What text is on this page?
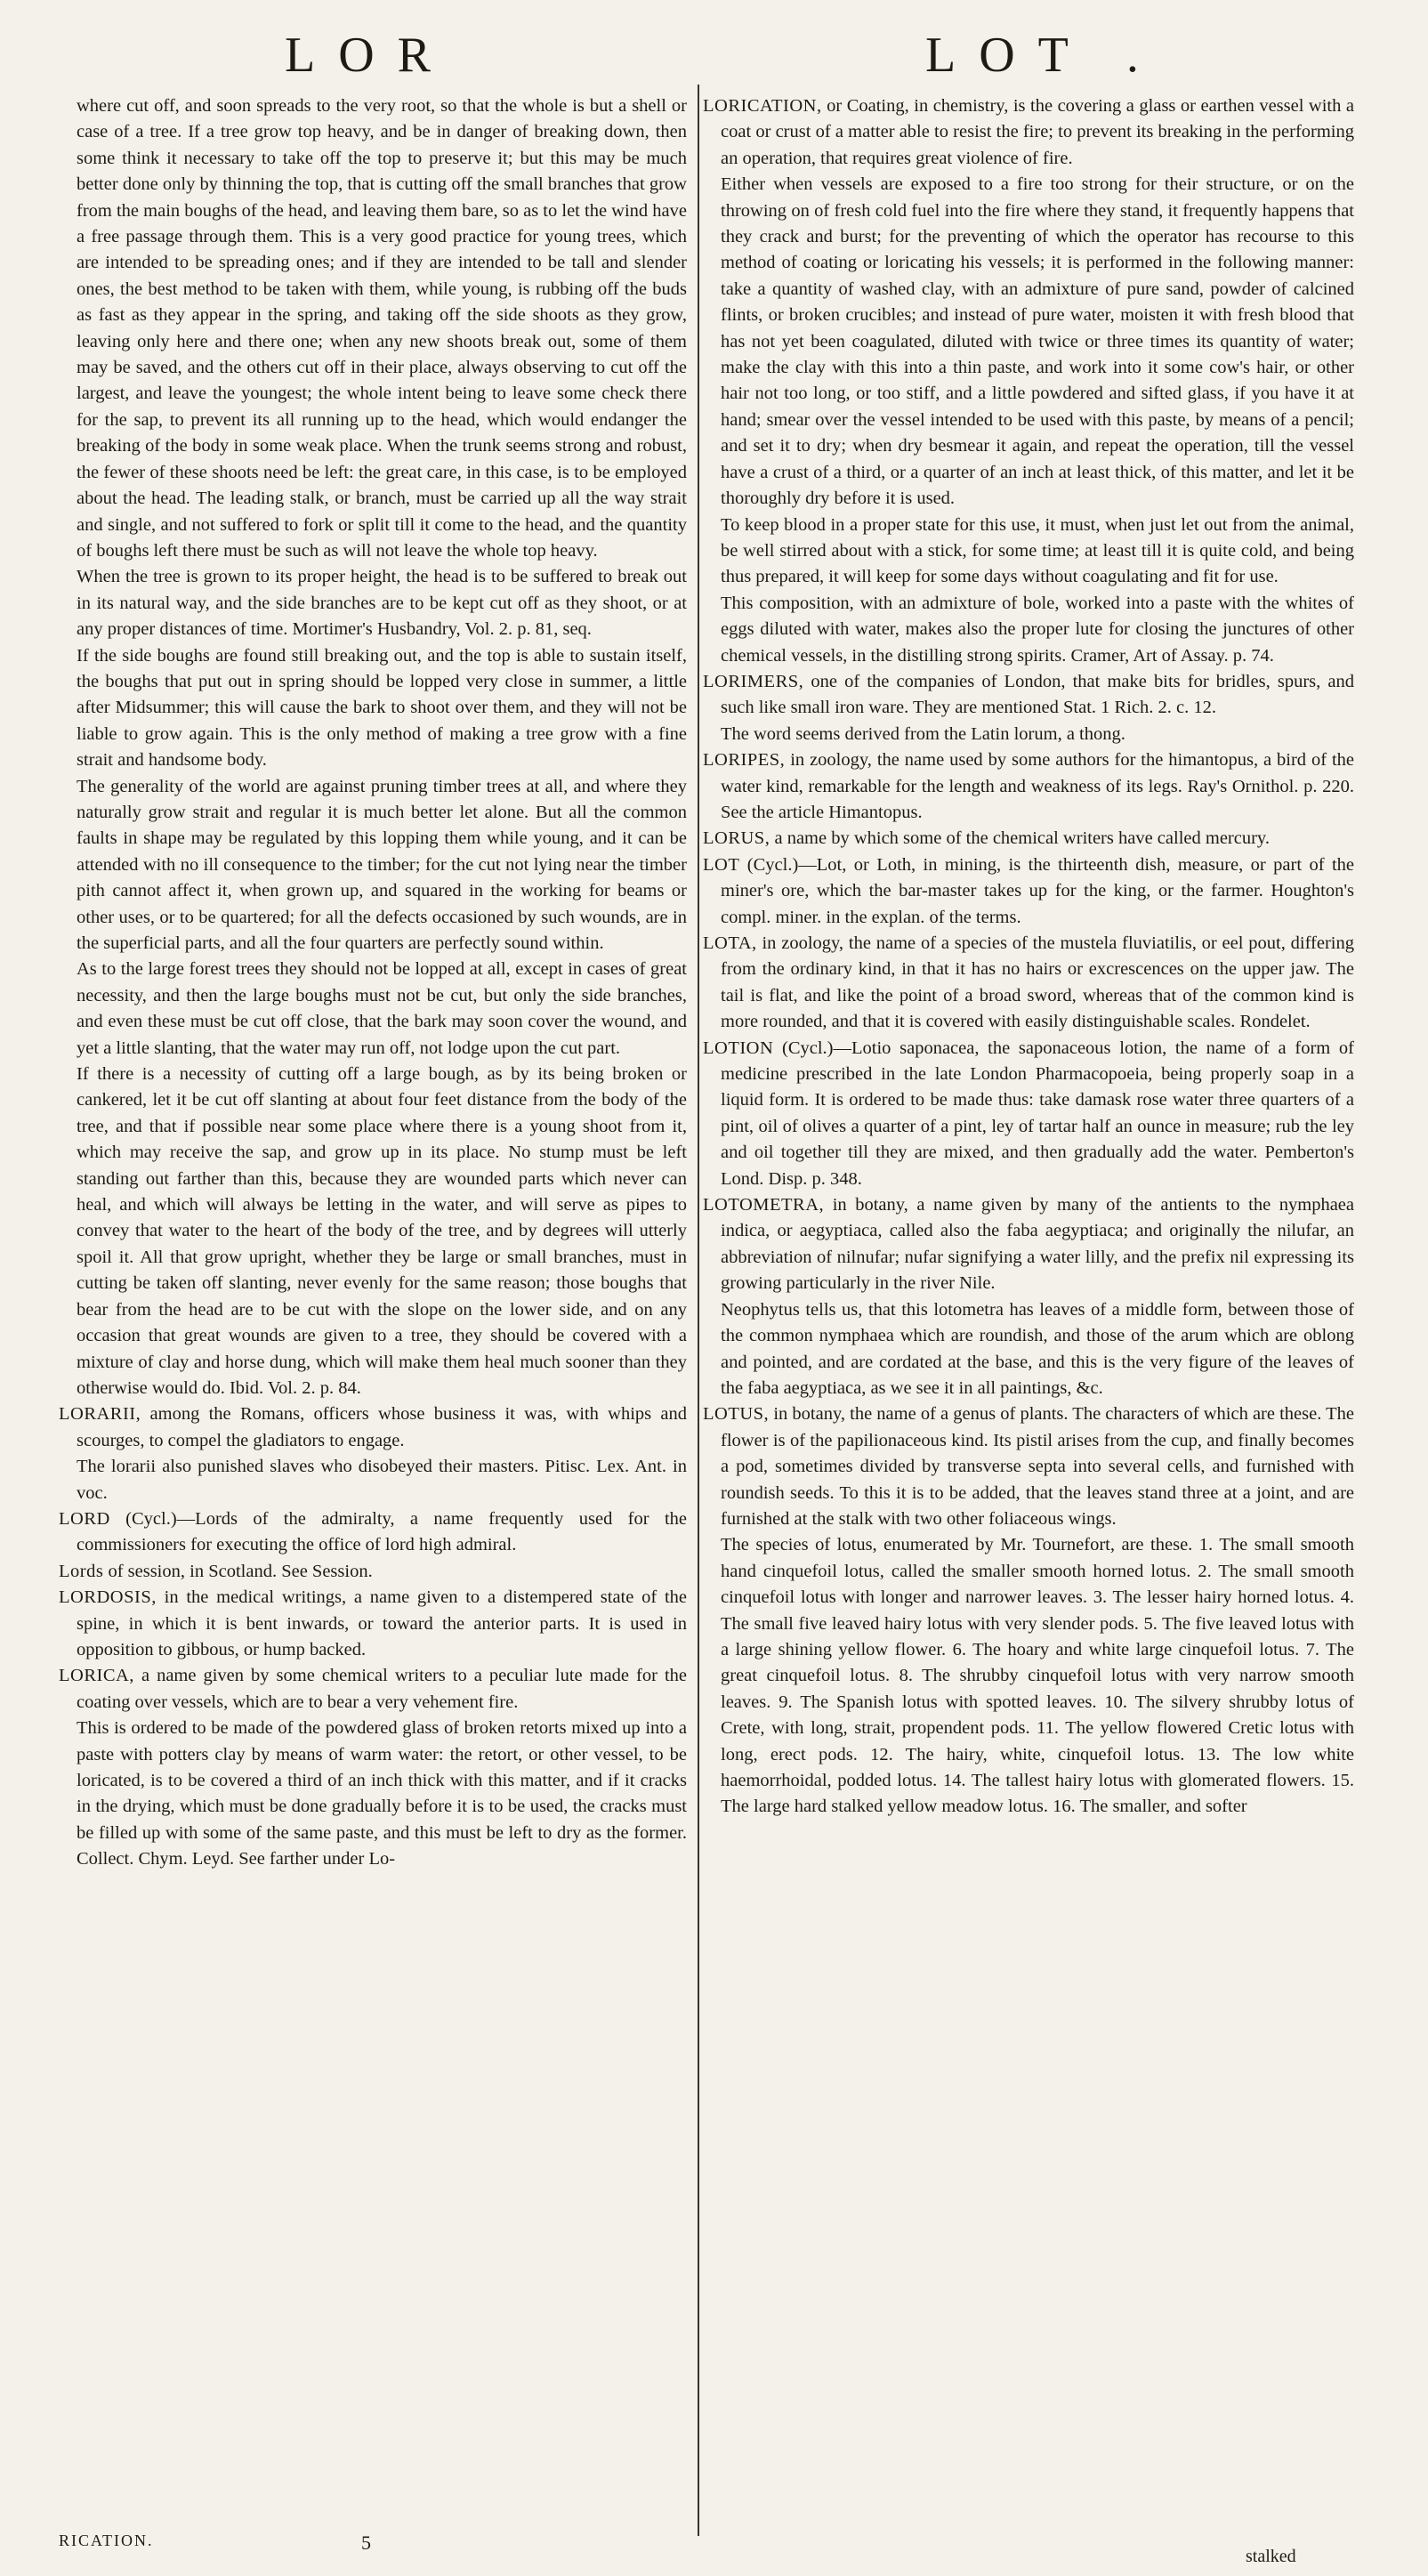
LOR	LOT .

where cut off, and soon spreads to the very root, so that the whole is but a shell or case of a tree. If a tree grow top heavy, and be in danger of breaking down, then some think it necessary to take off the top to preserve it; but this may be much better done only by thinning the top, that is cutting off the small branches that grow from the main boughs of the head, and leaving them bare, so as to let the wind have a free passage through them. This is a very good practice for young trees, which are intended to be spreading ones; and if they are intended to be tall and slender ones, the best method to be taken with them, while young, is rubbing off the buds as fast as they appear in the spring, and taking off the side shoots as they grow, leaving only here and there one; when any new shoots break out, some of them may be saved, and the others cut off in their place, always observing to cut off the largest, and leave the youngest; the whole intent being to leave some check there for the sap, to prevent its all running up to the head, which would endanger the breaking of the body in some weak place. When the trunk seems strong and robust, the fewer of these shoots need be left: the great care, in this case, is to be employed about the head. The leading stalk, or branch, must be carried up all the way strait and single, and not suffered to fork or split till it come to the head, and the quantity of boughs left there must be such as will not leave the whole top heavy.

When the tree is grown to its proper height, the head is to be suffered to break out in its natural way, and the side branches are to be kept cut off as they shoot, or at any proper distances of time. Mortimer's Husbandry, Vol. 2. p. 81, seq.

If the side boughs are found still breaking out, and the top is able to sustain itself, the boughs that put out in spring should be lopped very close in summer, a little after Midsummer; this will cause the bark to shoot over them, and they will not be liable to grow again. This is the only method of making a tree grow with a fine strait and handsome body.

The generality of the world are against pruning timber trees at all, and where they naturally grow strait and regular it is much better let alone. But all the common faults in shape may be regulated by this lopping them while young, and it can be attended with no ill consequence to the timber; for the cut not lying near the timber pith cannot affect it, when grown up, and squared in the working for beams or other uses, or to be quartered; for all the defects occasioned by such wounds, are in the superficial parts, and all the four quarters are perfectly sound within.

As to the large forest trees they should not be lopped at all, except in cases of great necessity, and then the large boughs must not be cut, but only the side branches, and even these must be cut off close, that the bark may soon cover the wound, and yet a little slanting, that the water may run off, not lodge upon the cut part.

If there is a necessity of cutting off a large bough, as by its being broken or cankered, let it be cut off slanting at about four feet distance from the body of the tree, and that if possible near some place where there is a young shoot from it, which may receive the sap, and grow up in its place. No stump must be left standing out farther than this, because they are wounded parts which never can heal, and which will always be letting in the water, and will serve as pipes to convey that water to the heart of the body of the tree, and by degrees will utterly spoil it. All that grow upright, whether they be large or small branches, must in cutting be taken off slanting, never evenly for the same reason; those boughs that bear from the head are to be cut with the slope on the lower side, and on any occasion that great wounds are given to a tree, they should be covered with a mixture of clay and horse dung, which will make them heal much sooner than they otherwise would do. Ibid. Vol. 2. p. 84.

LORARII, among the Romans, officers whose business it was, with whips and scourges, to compel the gladiators to engage.

The lorarii also punished slaves who disobeyed their masters. Pitisc. Lex. Ant. in voc.

LORD (Cycl.)—Lords of the admiralty, a name frequently used for the commissioners for executing the office of lord high admiral.

Lords of session, in Scotland. See Session.

LORDOSIS, in the medical writings, a name given to a distempered state of the spine, in which it is bent inwards, or toward the anterior parts. It is used in opposition to gibbous, or hump backed.

LORICA, a name given by some chemical writers to a peculiar lute made for the coating over vessels, which are to bear a very vehement fire.

This is ordered to be made of the powdered glass of broken retorts mixed up into a paste with potters clay by means of warm water: the retort, or other vessel, to be loricated, is to be covered a third of an inch thick with this matter, and if it cracks in the drying, which must be done gradually before it is to be used, the cracks must be filled up with some of the same paste, and this must be left to dry as the former. Collect. Chym. Leyd. See farther under Lo-

LORICATION, or Coating, in chemistry, is the covering a glass or earthen vessel with a coat or crust of a matter able to resist the fire; to prevent its breaking in the performing an operation, that requires great violence of fire.

Either when vessels are exposed to a fire too strong for their structure, or on the throwing on of fresh cold fuel into the fire where they stand, it frequently happens that they crack and burst; for the preventing of which the operator has recourse to this method of coating or loricating his vessels; it is performed in the following manner: take a quantity of washed clay, with an admixture of pure sand, powder of calcined flints, or broken crucibles; and instead of pure water, moisten it with fresh blood that has not yet been coagulated, diluted with twice or three times its quantity of water; make the clay with this into a thin paste, and work into it some cow's hair, or other hair not too long, or too stiff, and a little powdered and sifted glass, if you have it at hand; smear over the vessel intended to be used with this paste, by means of a pencil; and set it to dry; when dry besmear it again, and repeat the operation, till the vessel have a crust of a third, or a quarter of an inch at least thick, of this matter, and let it be thoroughly dry before it is used.

To keep blood in a proper state for this use, it must, when just let out from the animal, be well stirred about with a stick, for some time; at least till it is quite cold, and being thus prepared, it will keep for some days without coagulating and fit for use.

This composition, with an admixture of bole, worked into a paste with the whites of eggs diluted with water, makes also the proper lute for closing the junctures of other chemical vessels, in the distilling strong spirits. Cramer, Art of Assay. p. 74.

LORIMERS, one of the companies of London, that make bits for bridles, spurs, and such like small iron ware. They are mentioned Stat. 1 Rich. 2. c. 12.

The word seems derived from the Latin lorum, a thong.

LORIPES, in zoology, the name used by some authors for the himantopus, a bird of the water kind, remarkable for the length and weakness of its legs. Ray's Ornithol. p. 220. See the article Himantopus.

LORUS, a name by which some of the chemical writers have called mercury.

LOT (Cycl.)—Lot, or Loth, in mining, is the thirteenth dish, measure, or part of the miner's ore, which the bar-master takes up for the king, or the farmer. Houghton's compl. miner. in the explan. of the terms.

LOTA, in zoology, the name of a species of the mustela fluviatilis, or eel pout, differing from the ordinary kind, in that it has no hairs or excrescences on the upper jaw. The tail is flat, and like the point of a broad sword, whereas that of the common kind is more rounded, and that it is covered with easily distinguishable scales. Rondelet.

LOTION (Cycl.)—Lotio saponacea, the saponaceous lotion, the name of a form of medicine prescribed in the late London Pharmacopoeia, being properly soap in a liquid form. It is ordered to be made thus: take damask rose water three quarters of a pint, oil of olives a quarter of a pint, ley of tartar half an ounce in measure; rub the ley and oil together till they are mixed, and then gradually add the water. Pemberton's Lond. Disp. p. 348.

LOTOMETRA, in botany, a name given by many of the antients to the nymphaea indica, or aegyptiaca, called also the faba aegyptiaca; and originally the nilufar, an abbreviation of nilnufar; nufar signifying a water lilly, and the prefix nil expressing its growing particularly in the river Nile.

Neophytus tells us, that this lotometra has leaves of a middle form, between those of the common nymphaea which are roundish, and those of the arum which are oblong and pointed, and are cordated at the base, and this is the very figure of the leaves of the faba aegyptiaca, as we see it in all paintings, &c.

LOTUS, in botany, the name of a genus of plants. The characters of which are these. The flower is of the papilionaceous kind. Its pistil arises from the cup, and finally becomes a pod, sometimes divided by transverse septa into several cells, and furnished with roundish seeds. To this it is to be added, that the leaves stand three at a joint, and are furnished at the stalk with two other foliaceous wings.

The species of lotus, enumerated by Mr. Tournefort, are these. 1. The small smooth hand cinquefoil lotus, called the smaller smooth horned lotus. 2. The small smooth cinquefoil lotus with longer and narrower leaves. 3. The lesser hairy horned lotus. 4. The small five leaved hairy lotus with very slender pods. 5. The five leaved lotus with a large shining yellow flower. 6. The hoary and white large cinquefoil lotus. 7. The great cinquefoil lotus. 8. The shrubby cinquefoil lotus with very narrow smooth leaves. 9. The Spanish lotus with spotted leaves. 10. The silvery shrubby lotus of Crete, with long, strait, propendent pods. 11. The yellow flowered Cretic lotus with long, erect pods. 12. The hairy, white, cinquefoil lotus. 13. The low white haemorrhoidal, podded lotus. 14. The tallest hairy lotus with glomerated flowers. 15. The large hard stalked yellow meadow lotus. 16. The smaller, and softer

RICATION.	5
stalked
